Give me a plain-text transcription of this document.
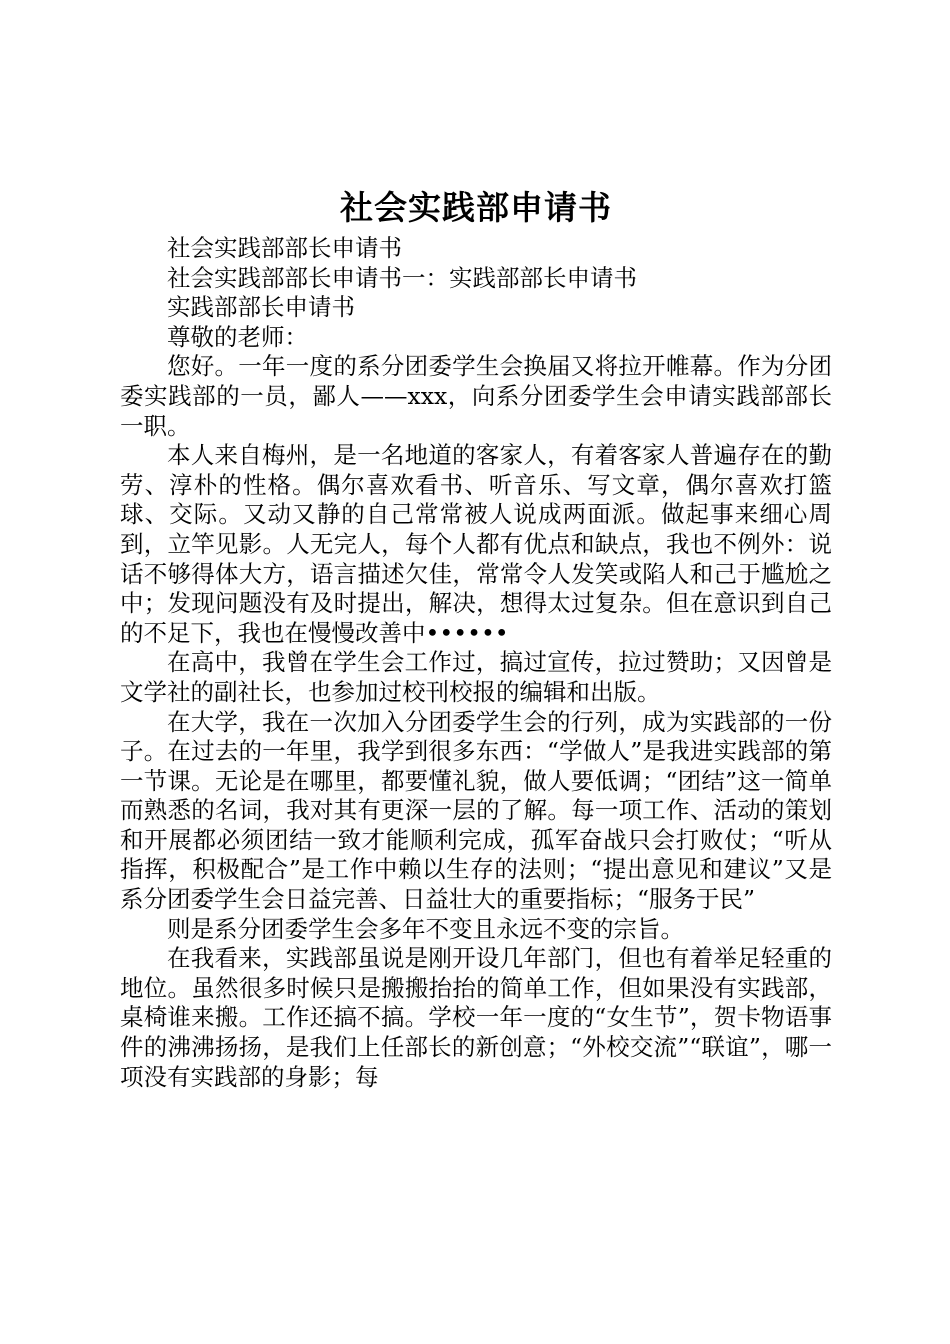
社会实践部申请书

社会实践部部长申请书

社会实践部部长申请书一：实践部部长申请书

实践部部长申请书

尊敬的老师：

您好。一年一度的系分团委学生会换届又将拉开帷幕。作为分团委实践部的一员，鄙人——xxx，向系分团委学生会申请实践部部长一职。

本人来自梅州，是一名地道的客家人，有着客家人普遍存在的勤劳、淳朴的性格。偶尔喜欢看书、听音乐、写文章，偶尔喜欢打篮球、交际。又动又静的自己常常被人说成两面派。做起事来细心周到，立竿见影。人无完人，每个人都有优点和缺点，我也不例外：说话不够得体大方，语言描述欠佳，常常令人发笑或陷人和己于尴尬之中；发现问题没有及时提出，解决，想得太过复杂。但在意识到自己的不足下，我也在慢慢改善中••••••

在高中，我曾在学生会工作过，搞过宣传，拉过赞助；又因曾是文学社的副社长，也参加过校刊校报的编辑和出版。

在大学，我在一次加入分团委学生会的行列，成为实践部的一份子。在过去的一年里，我学到很多东西：“学做人”是我进实践部的第一节课。无论是在哪里，都要懂礼貌，做人要低调；“团结”这一简单而熟悉的名词，我对其有更深一层的了解。每一项工作、活动的策划和开展都必须团结一致才能顺利完成，孤军奋战只会打败仗；“听从指挥，积极配合”是工作中赖以生存的法则；“提出意见和建议”又是系分团委学生会日益完善、日益壮大的重要指标；“服务于民”

则是系分团委学生会多年不变且永远不变的宗旨。

在我看来，实践部虽说是刚开设几年部门，但也有着举足轻重的地位。虽然很多时候只是搬搬抬抬的简单工作，但如果没有实践部，桌椅谁来搬。工作还搞不搞。学校一年一度的“女生节”，贺卡物语事件的沸沸扬扬，是我们上任部长的新创意；“外校交流”“联谊”，哪一项没有实践部的身影；每
